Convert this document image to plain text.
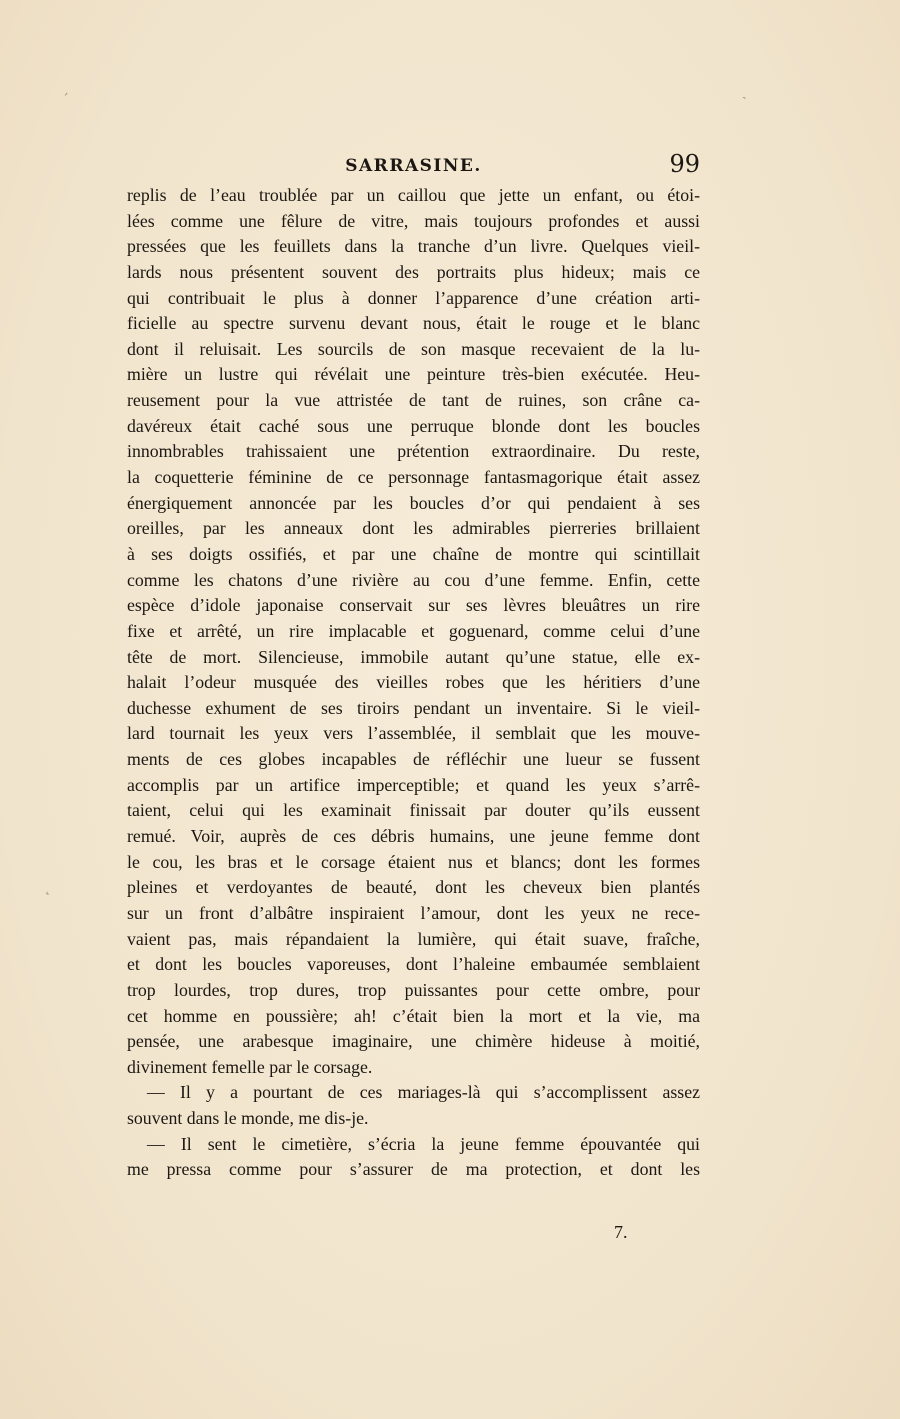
SARRASINE.	99
replis de l’eau troublée par un caillou que jette un enfant, ou étoi-
lées comme une fêlure de vitre, mais toujours profondes et aussi
pressées que les feuillets dans la tranche d’un livre. Quelques vieil-
lards nous présentent souvent des portraits plus hideux; mais ce
qui contribuait le plus à donner l’apparence d’une création arti-
ficielle au spectre survenu devant nous, était le rouge et le blanc
dont il reluisait. Les sourcils de son masque recevaient de la lu-
mière un lustre qui révélait une peinture très-bien exécutée. Heu-
reusement pour la vue attristée de tant de ruines, son crâne ca-
davéreux était caché sous une perruque blonde dont les boucles
innombrables trahissaient une prétention extraordinaire. Du reste,
la coquetterie féminine de ce personnage fantasmagorique était assez
énergiquement annoncée par les boucles d’or qui pendaient à ses
oreilles, par les anneaux dont les admirables pierreries brillaient
à ses doigts ossifiés, et par une chaîne de montre qui scintillait
comme les chatons d’une rivière au cou d’une femme. Enfin, cette
espèce d’idole japonaise conservait sur ses lèvres bleuâtres un rire
fixe et arrêté, un rire implacable et goguenard, comme celui d’une
tête de mort. Silencieuse, immobile autant qu’une statue, elle ex-
halait l’odeur musquée des vieilles robes que les héritiers d’une
duchesse exhument de ses tiroirs pendant un inventaire. Si le vieil-
lard tournait les yeux vers l’assemblée, il semblait que les mouve-
ments de ces globes incapables de réfléchir une lueur se fussent
accomplis par un artifice imperceptible; et quand les yeux s’arrê-
taient, celui qui les examinait finissait par douter qu’ils eussent
remué. Voir, auprès de ces débris humains, une jeune femme dont
le cou, les bras et le corsage étaient nus et blancs; dont les formes
pleines et verdoyantes de beauté, dont les cheveux bien plantés
sur un front d’albâtre inspiraient l’amour, dont les yeux ne rece-
vaient pas, mais répandaient la lumière, qui était suave, fraîche,
et dont les boucles vaporeuses, dont l’haleine embaumée semblaient
trop lourdes, trop dures, trop puissantes pour cette ombre, pour
cet homme en poussière; ah! c’était bien la mort et la vie, ma
pensée, une arabesque imaginaire, une chimère hideuse à moitié,
divinement femelle par le corsage.
— Il y a pourtant de ces mariages-là qui s’accomplissent assez
souvent dans le monde, me dis-je.
— Il sent le cimetière, s’écria la jeune femme épouvantée qui
me pressa comme pour s’assurer de ma protection, et dont les
7.
´
˛
ˏ
